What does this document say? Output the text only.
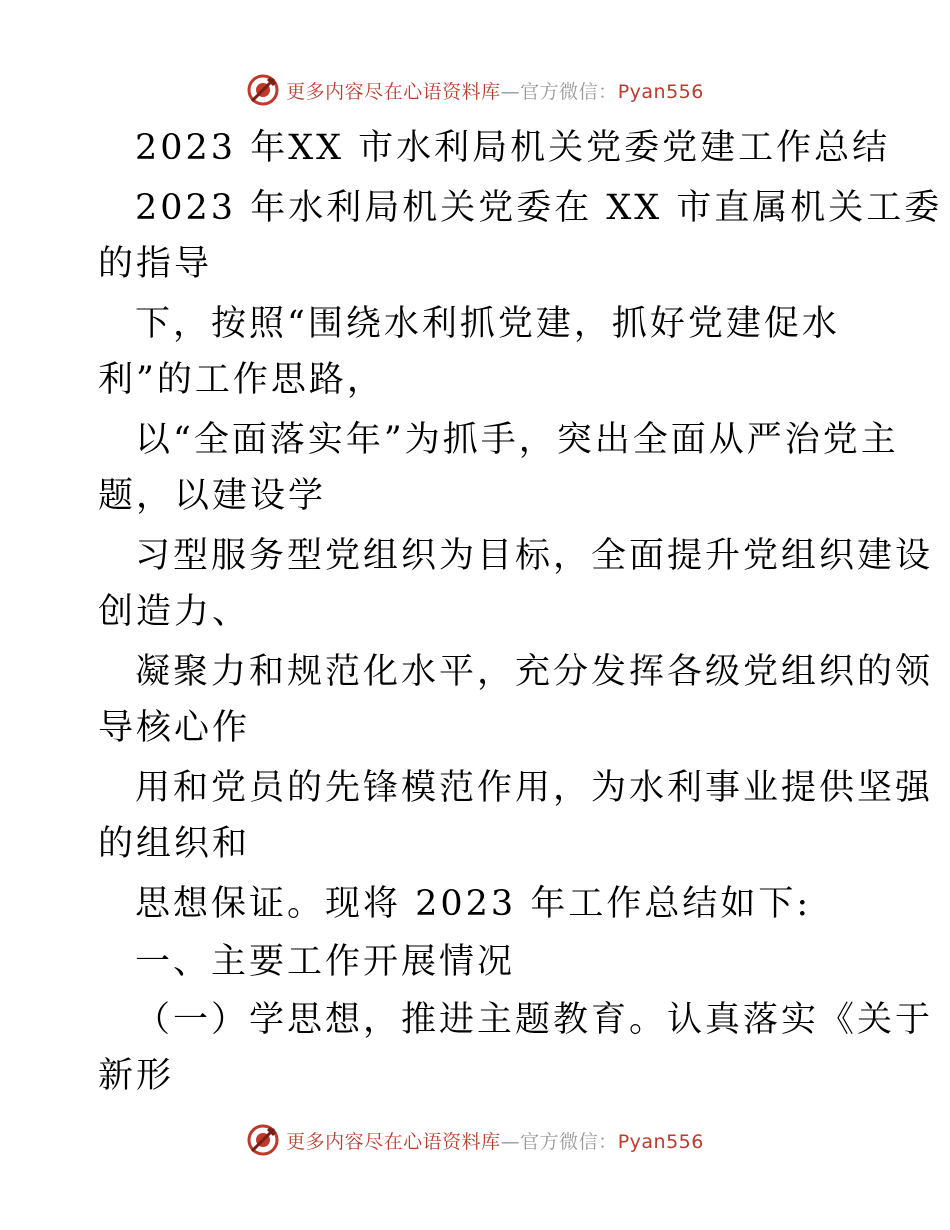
更多内容尽在心语资料库—官方微信：Pyan556
2023 年XX 市水利局机关党委党建工作总结
2023 年水利局机关党委在 XX 市直属机关工委
的指导
下，按照“围绕水利抓党建，抓好党建促水
利”的工作思路，
以“全面落实年”为抓手，突出全面从严治党主
题，以建设学
习型服务型党组织为目标，全面提升党组织建设
创造力、
凝聚力和规范化水平，充分发挥各级党组织的领
导核心作
用和党员的先锋模范作用，为水利事业提供坚强
的组织和
思想保证。现将 2023 年工作总结如下:
一、主要工作开展情况
（一）学思想，推进主题教育。认真落实《关于
新形
更多内容尽在心语资料库—官方微信：Pyan556
